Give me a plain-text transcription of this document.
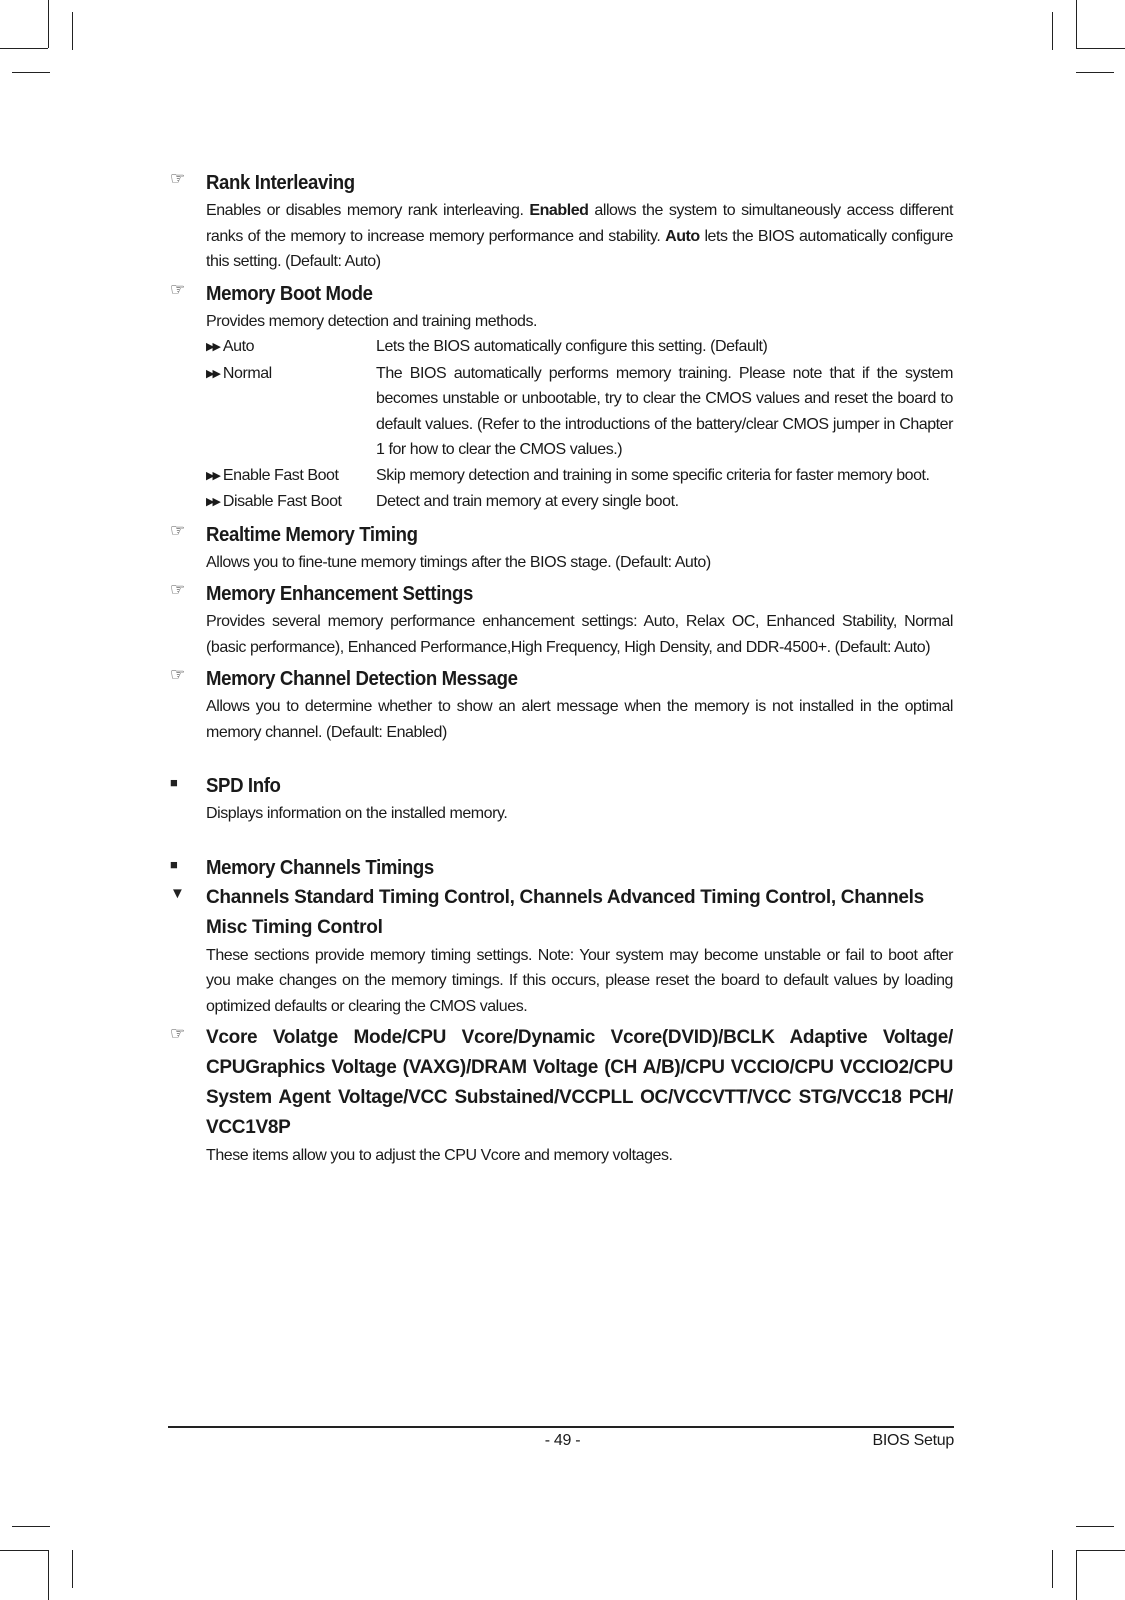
☞	Rank Interleaving
Enables or disables memory rank interleaving. Enabled allows the system to simultaneously access different ranks of the memory to increase memory performance and stability. Auto lets the BIOS automatically configure this setting. (Default: Auto)
☞	Memory Boot Mode
Provides memory detection and training methods.
▶▶ Auto	Lets the BIOS automatically configure this setting. (Default)
▶▶ Normal	The BIOS automatically performs memory training. Please note that if the system becomes unstable or unbootable, try to clear the CMOS values and reset the board to default values. (Refer to the introductions of the battery/clear CMOS jumper in Chapter 1 for how to clear the CMOS values.)
▶▶ Enable Fast Boot	Skip memory detection and training in some specific criteria for faster memory boot.
▶▶ Disable Fast Boot	Detect and train memory at every single boot.
☞	Realtime Memory Timing
Allows you to fine-tune memory timings after the BIOS stage. (Default: Auto)
☞	Memory Enhancement Settings
Provides several memory performance enhancement settings: Auto, Relax OC, Enhanced Stability, Normal (basic performance), Enhanced Performance,High Frequency, High Density, and DDR-4500+. (Default: Auto)
☞	Memory Channel Detection Message
Allows you to determine whether to show an alert message when the memory is not installed in the optimal memory channel. (Default: Enabled)
■	SPD Info
Displays information on the installed memory.
■	Memory Channels Timings
▼	Channels Standard Timing Control, Channels Advanced Timing Control, Channels Misc Timing Control
These sections provide memory timing settings. Note: Your system may become unstable or fail to boot after you make changes on the memory timings. If this occurs, please reset the board to default values by loading optimized defaults or clearing the CMOS values.
☞	Vcore Volatge Mode/CPU Vcore/Dynamic Vcore(DVID)/BCLK Adaptive Voltage/ CPUGraphics Voltage (VAXG)/DRAM Voltage (CH A/B)/CPU VCCIO/CPU VCCIO2/CPU System Agent Voltage/VCC Substained/VCCPLL OC/VCCVTT/VCC STG/VCC18 PCH/ VCC1V8P
These items allow you to adjust the CPU Vcore and memory voltages.
- 49 -	BIOS Setup
